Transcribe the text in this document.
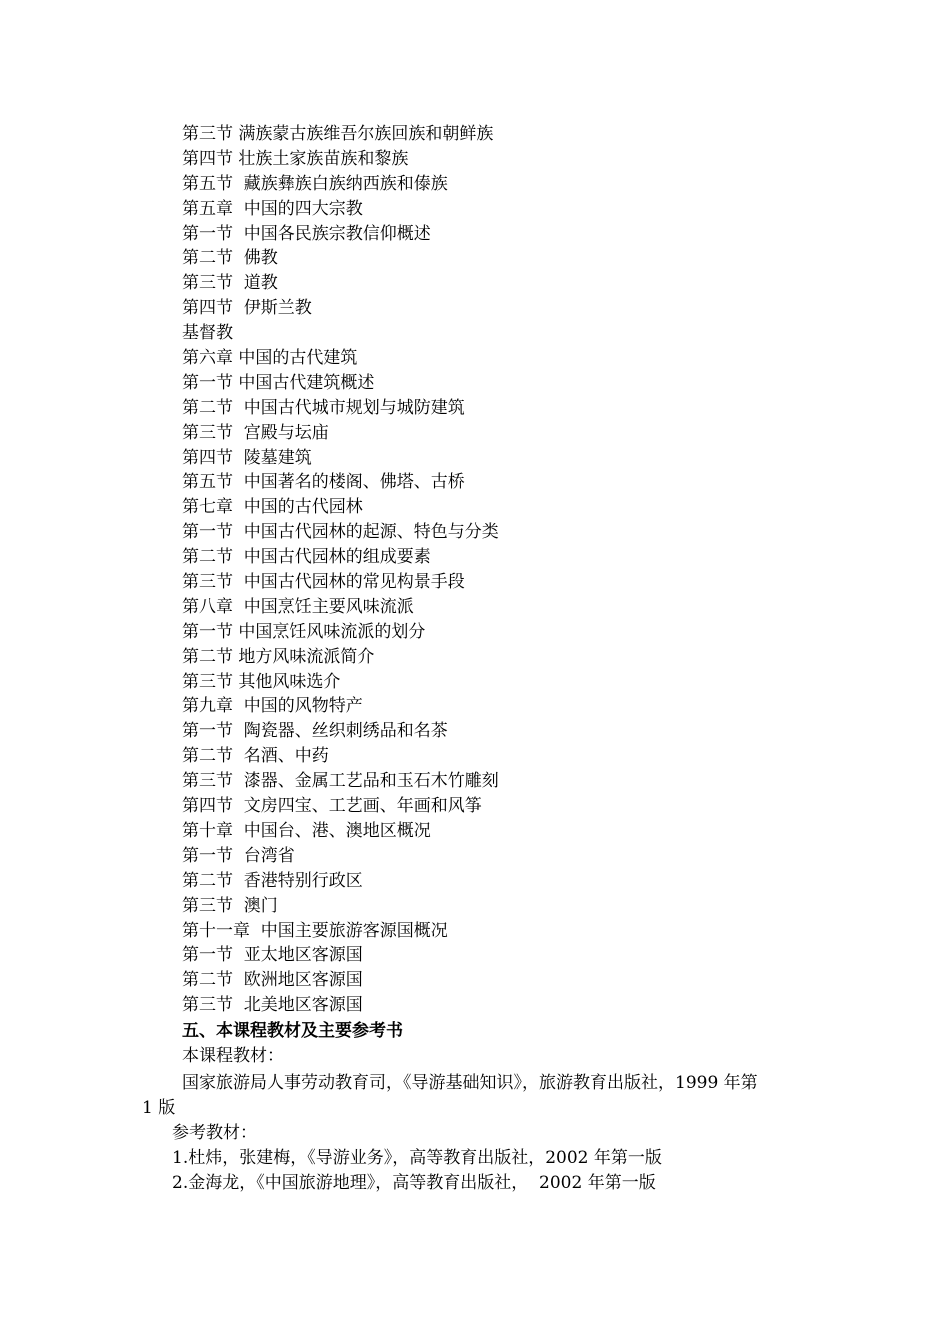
第三节 满族蒙古族维吾尔族回族和朝鲜族
第四节 壮族土家族苗族和黎族
第五节  藏族彝族白族纳西族和傣族
第五章  中国的四大宗教
第一节  中国各民族宗教信仰概述
第二节  佛教
第三节  道教
第四节  伊斯兰教
基督教
第六章 中国的古代建筑
第一节 中国古代建筑概述
第二节  中国古代城市规划与城防建筑
第三节  宫殿与坛庙
第四节  陵墓建筑
第五节  中国著名的楼阁、佛塔、古桥
第七章  中国的古代园林
第一节  中国古代园林的起源、特色与分类
第二节  中国古代园林的组成要素
第三节  中国古代园林的常见构景手段
第八章  中国烹饪主要风味流派
第一节 中国烹饪风味流派的划分
第二节 地方风味流派简介
第三节 其他风味选介
第九章  中国的风物特产
第一节  陶瓷器、丝织刺绣品和名茶
第二节  名酒、中药
第三节  漆器、金属工艺品和玉石木竹雕刻
第四节  文房四宝、工艺画、年画和风筝
第十章  中国台、港、澳地区概况
第一节  台湾省
第二节  香港特别行政区
第三节  澳门
第十一章  中国主要旅游客源国概况
第一节  亚太地区客源国
第二节  欧洲地区客源国
第三节  北美地区客源国
五、本课程教材及主要参考书
本课程教材：
国家旅游局人事劳动教育司，《导游基础知识》，旅游教育出版社，1999 年第
1 版
参考教材：
1.杜炜，张建梅，《导游业务》，高等教育出版社，2002 年第一版
2.金海龙，《中国旅游地理》，高等教育出版社，  2002 年第一版
